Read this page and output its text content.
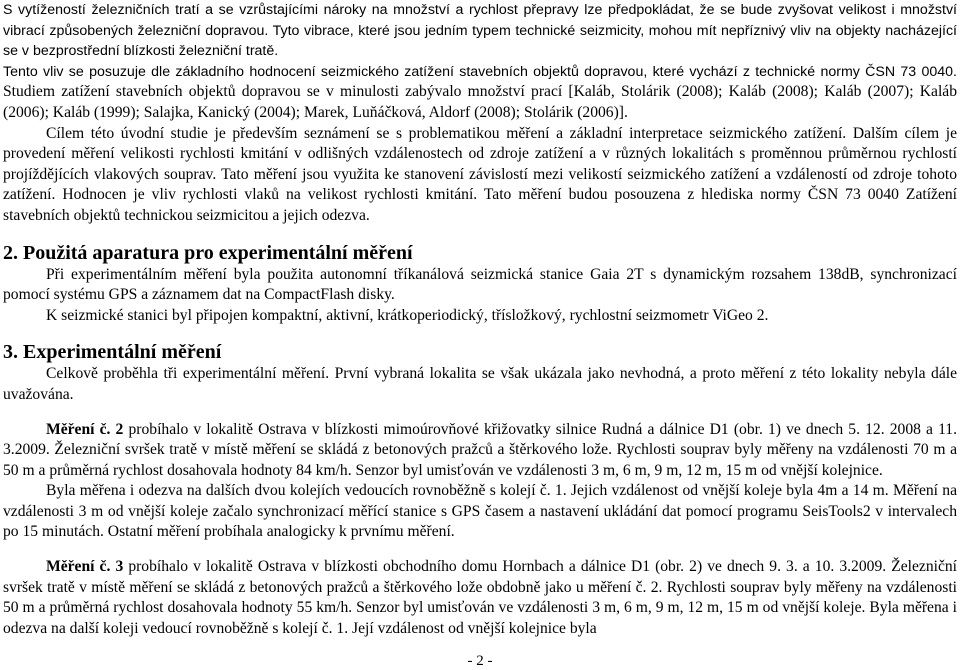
S vytížeností železničních tratí a se vzrůstajícími nároky na množství a rychlost přepravy lze předpokládat, že se bude zvyšovat velikost i množství vibrací způsobených železniční dopravou. Tyto vibrace, které jsou jedním typem technické seizmicity, mohou mít nepříznivý vliv na objekty nacházející se v bezprostřední blízkosti železniční tratě.

Tento vliv se posuzuje dle základního hodnocení seizmického zatížení stavebních objektů dopravou, které vychází z technické normy ČSN 73 0040. Studiem zatížení stavebních objektů dopravou se v minulosti zabývalo množství prací [Kaláb, Stolárik (2008); Kaláb (2008); Kaláb (2007); Kaláb (2006); Kaláb (1999); Salajka, Kanický (2004); Marek, Luňáčková, Aldorf (2008); Stolárik (2006)].

Cílem této úvodní studie je především seznámení se s problematikou měření a základní interpretace seizmického zatížení. Dalším cílem je provedení měření velikosti rychlosti kmitání v odlišných vzdálenostech od zdroje zatížení a v různých lokalitách s proměnnou průměrnou rychlostí projíždějících vlakových souprav. Tato měření jsou využita ke stanovení závislostí mezi velikostí seizmického zatížení a vzdáleností od zdroje tohoto zatížení. Hodnocen je vliv rychlosti vlaků na velikost rychlosti kmitání. Tato měření budou posouzena z hlediska normy ČSN 73 0040 Zatížení stavebních objektů technickou seizmicitou a jejich odezva.

2. Použitá aparatura pro experimentální měření

Při experimentálním měření byla použita autonomní tříkanálová seizmická stanice Gaia 2T s dynamickým rozsahem 138dB, synchronizací pomocí systému GPS a záznamem dat na CompactFlash disky.

K seizmické stanici byl připojen kompaktní, aktivní, krátkoperiodický, třísložkový, rychlostní seizmometr ViGeo 2.

3. Experimentální měření

Celkově proběhla tři experimentální měření. První vybraná lokalita se však ukázala jako nevhodná, a proto měření z této lokality nebyla dále uvažována.

Měření č. 2 probíhalo v lokalitě Ostrava v blízkosti mimoúrovňové křižovatky silnice Rudná a dálnice D1 (obr. 1) ve dnech 5. 12. 2008 a 11. 3.2009. Železniční svršek tratě v místě měření se skládá z betonových pražců a štěrkového lože. Rychlosti souprav byly měřeny na vzdálenosti 70 m a 50 m a průměrná rychlost dosahovala hodnoty 84 km/h. Senzor byl umisťován ve vzdálenosti 3 m, 6 m, 9 m, 12 m, 15 m od vnější kolejnice.

Byla měřena i odezva na dalších dvou kolejích vedoucích rovnoběžně s kolejí č. 1. Jejich vzdálenost od vnější koleje byla 4m a 14 m. Měření na vzdálenosti 3 m od vnější koleje začalo synchronizací měřící stanice s GPS časem a nastavení ukládání dat pomocí programu SeisTools2 v intervalech po 15 minutách. Ostatní měření probíhala analogicky k prvnímu měření.

Měření č. 3 probíhalo v lokalitě Ostrava v blízkosti obchodního domu Hornbach a dálnice D1 (obr. 2) ve dnech 9. 3. a 10. 3.2009. Železniční svršek tratě v místě měření se skládá z betonových pražců a štěrkového lože obdobně jako u měření č. 2. Rychlosti souprav byly měřeny na vzdálenosti 50 m a průměrná rychlost dosahovala hodnoty 55 km/h. Senzor byl umisťován ve vzdálenosti 3 m, 6 m, 9 m, 12 m, 15 m od vnější koleje. Byla měřena i odezva na další koleji vedoucí rovnoběžně s kolejí č. 1. Její vzdálenost od vnější kolejnice byla

- 2 -
